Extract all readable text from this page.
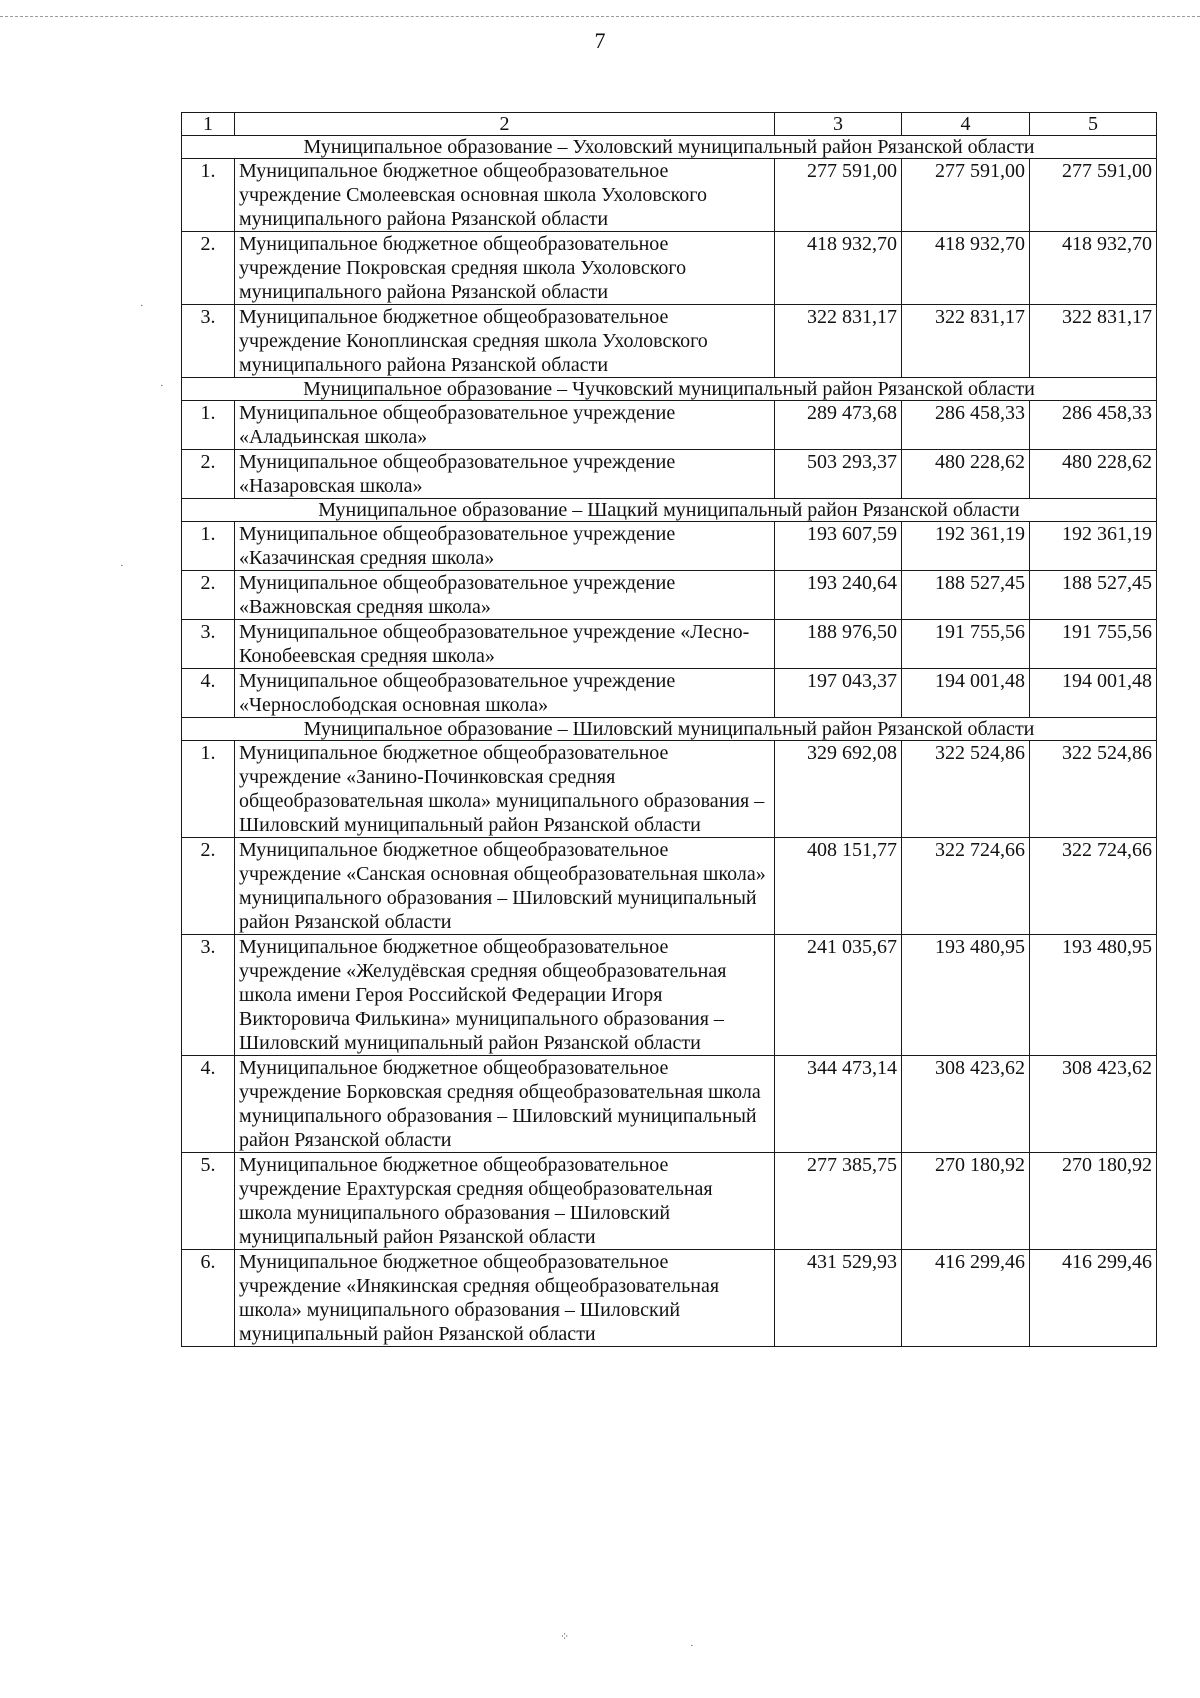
7
1	2	3	4	5
Муниципальное образование – Ухоловский муниципальный район Рязанской области				
1.	Муниципальное бюджетное общеобразовательное учреждение Смолеевская основная школа Ухоловского муниципального района Рязанской области	277 591,00	277 591,00	277 591,00
2.	Муниципальное бюджетное общеобразовательное учреждение Покровская средняя школа Ухоловского муниципального района Рязанской области	418 932,70	418 932,70	418 932,70
3.	Муниципальное бюджетное общеобразовательное учреждение Коноплинская средняя школа Ухоловского муниципального района Рязанской области	322 831,17	322 831,17	322 831,17
Муниципальное образование – Чучковский муниципальный район Рязанской области				
1.	Муниципальное общеобразовательное учреждение «Аладьинская школа»	289 473,68	286 458,33	286 458,33
2.	Муниципальное общеобразовательное учреждение «Назаровская школа»	503 293,37	480 228,62	480 228,62
Муниципальное образование – Шацкий муниципальный район Рязанской области				
1.	Муниципальное общеобразовательное учреждение «Казачинская средняя школа»	193 607,59	192 361,19	192 361,19
2.	Муниципальное общеобразовательное учреждение «Важновская средняя школа»	193 240,64	188 527,45	188 527,45
3.	Муниципальное общеобразовательное учреждение «Лесно-Конобеевская средняя школа»	188 976,50	191 755,56	191 755,56
4.	Муниципальное общеобразовательное учреждение «Чернослободская основная школа»	197 043,37	194 001,48	194 001,48
Муниципальное образование – Шиловский муниципальный район Рязанской области				
1.	Муниципальное бюджетное общеобразовательное учреждение «Занино-Починковская средняя общеобразовательная школа» муниципального образования – Шиловский муниципальный район Рязанской области	329 692,08	322 524,86	322 524,86
2.	Муниципальное бюджетное общеобразовательное учреждение «Санская основная общеобразовательная школа» муниципального образования – Шиловский муниципальный район Рязанской области	408 151,77	322 724,66	322 724,66
3.	Муниципальное бюджетное общеобразовательное учреждение «Желудёвская средняя общеобразовательная школа имени Героя Российской Федерации Игоря Викторовича Филькина» муниципального образования – Шиловский муниципальный район Рязанской области	241 035,67	193 480,95	193 480,95
4.	Муниципальное бюджетное общеобразовательное учреждение Борковская средняя общеобразовательная школа муниципального образования – Шиловский муниципальный район Рязанской области	344 473,14	308 423,62	308 423,62
5.	Муниципальное бюджетное общеобразовательное учреждение Ерахтурская средняя общеобразовательная школа муниципального образования – Шиловский муниципальный район Рязанской области	277 385,75	270 180,92	270 180,92
6.	Муниципальное бюджетное общеобразовательное учреждение «Инякинская средняя общеобразовательная школа» муниципального образования – Шиловский муниципальный район Рязанской области	431 529,93	416 299,46	416 299,46
⁘
·
·
·
·
